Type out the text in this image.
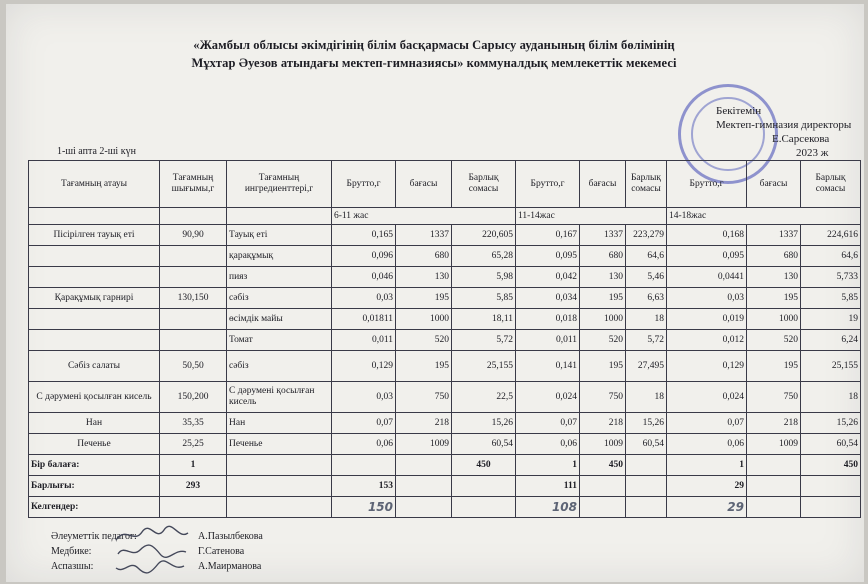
«Жамбыл облысы әкімдігінің білім басқармасы Сарысу ауданының білім бөлімінің
Мұхтар Әуезов атындағы мектеп-гимназиясы» коммуналдық мемлекеттік мекемесі
Бекітемін
Мектеп-гимназия директоры
Е.Сарсекова
2023 ж
1-ші апта 2-ші күн
Тағамның атауы	Тағамның шығымы,г	Тағамның ингредиенттері,г	Брутто,г	бағасы	Барлық сомасы	Брутто,г	бағасы	Барлық сомасы	Брутто,г	бағасы	Барлық сомасы
			6-11 жас			11-14жас			14-18жас		
Пісірілген тауық еті	90,90	Тауық еті	0,165	1337	220,605	0,167	1337	223,279	0,168	1337	224,616
		қарақұмық	0,096	680	65,28	0,095	680	64,6	0,095	680	64,6
		пияз	0,046	130	5,98	0,042	130	5,46	0,0441	130	5,733
Қарақұмық гарнирі	130,150	сәбіз	0,03	195	5,85	0,034	195	6,63	0,03	195	5,85
		өсімдік майы	0,01811	1000	18,11	0,018	1000	18	0,019	1000	19
		Томат	0,011	520	5,72	0,011	520	5,72	0,012	520	6,24
Сәбіз салаты	50,50	сәбіз	0,129	195	25,155	0,141	195	27,495	0,129	195	25,155
С дәрумені қосылған кисель	150,200	С дәрумені қосылған кисель	0,03	750	22,5	0,024	750	18	0,024	750	18
Нан	35,35	Нан	0,07	218	15,26	0,07	218	15,26	0,07	218	15,26
Печенье	25,25	Печенье	0,06	1009	60,54	0,06	1009	60,54	0,06	1009	60,54
Бір балаға:	1				450	1	450		1		450
Барлығы:	293		153			111			29		
Келгендер:			150			108			29		
Әлеуметтік педагог:	А.Пазылбекова
Медбике:	Г.Сатенова
Аспазшы:	А.Маирманова
